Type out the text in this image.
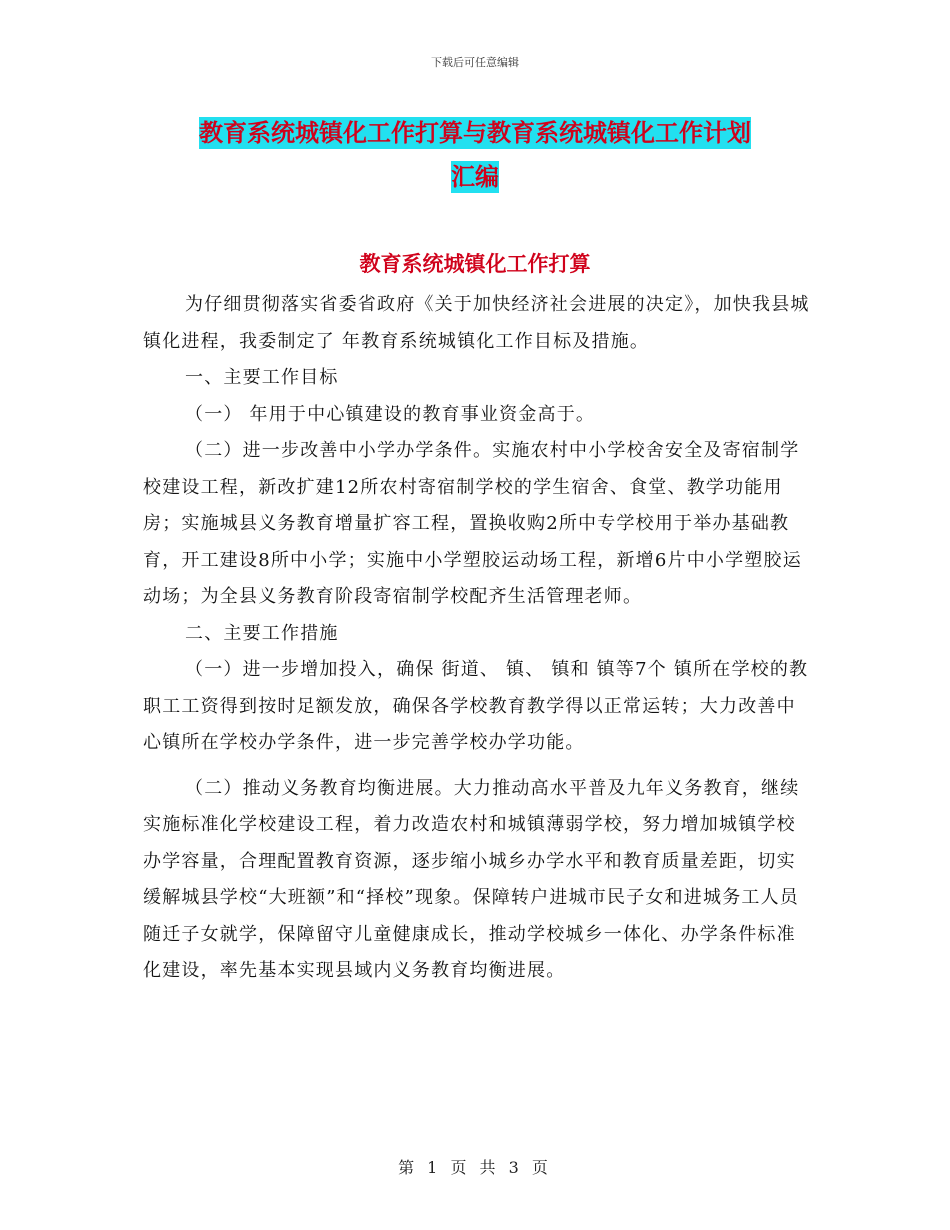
下载后可任意编辑
教育系统城镇化工作打算与教育系统城镇化工作计划
汇编
教育系统城镇化工作打算

为仔细贯彻落实省委省政府《关于加快经济社会进展的决定》，加快我县城镇化进程，我委制定了 年教育系统城镇化工作目标及措施。

一、主要工作目标

（一） 年用于中心镇建设的教育事业资金高于。

（二）进一步改善中小学办学条件。实施农村中小学校舍安全及寄宿制学校建设工程，新改扩建12所农村寄宿制学校的学生宿舍、食堂、教学功能用房；实施城县义务教育增量扩容工程，置换收购2所中专学校用于举办基础教育，开工建设8所中小学；实施中小学塑胶运动场工程，新增6片中小学塑胶运动场；为全县义务教育阶段寄宿制学校配齐生活管理老师。

二、主要工作措施

（一）进一步增加投入，确保 街道、 镇、 镇和 镇等7个 镇所在学校的教职工工资得到按时足额发放，确保各学校教育教学得以正常运转；大力改善中心镇所在学校办学条件，进一步完善学校办学功能。

（二）推动义务教育均衡进展。大力推动高水平普及九年义务教育，继续实施标准化学校建设工程，着力改造农村和城镇薄弱学校，努力增加城镇学校办学容量，合理配置教育资源，逐步缩小城乡办学水平和教育质量差距，切实缓解城县学校“大班额”和“择校”现象。保障转户进城市民子女和进城务工人员随迁子女就学，保障留守儿童健康成长，推动学校城乡一体化、办学条件标准化建设，率先基本实现县域内义务教育均衡进展。

第 1 页 共 3 页
